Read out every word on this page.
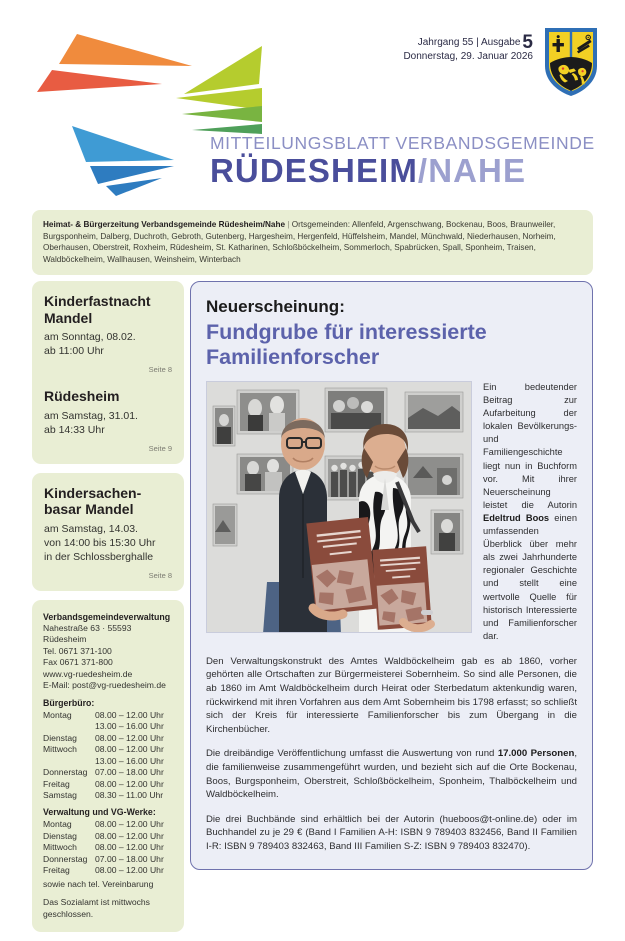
Jahrgang 55 | Ausgabe 5
Donnerstag, 29. Januar 2026
MITTEILUNGSBLATT VERBANDSGEMEINDE
RÜDESHEIM/NAHE
Heimat- & Bürgerzeitung Verbandsgemeinde Rüdesheim/Nahe | Ortsgemeinden: Allenfeld, Argenschwang, Bockenau, Boos, Braunweiler, Burgsponheim, Dalberg, Duchroth, Gebroth, Gutenberg, Hargesheim, Hergenfeld, Hüffelsheim, Mandel, Münchwald, Niederhausen, Norheim, Oberhausen, Oberstreit, Roxheim, Rüdesheim, St. Katharinen, Schloßböckelheim, Sommerloch, Spabrücken, Spall, Sponheim, Traisen, Waldböckelheim, Wallhausen, Weinsheim, Winterbach
Kinderfastnacht Mandel
am Sonntag, 08.02.
ab 11:00 Uhr
Seite 8
Rüdesheim
am Samstag, 31.01.
ab 14:33 Uhr
Seite 9
Kindersachen-
basar Mandel
am Samstag, 14.03.
von 14:00 bis 15:30 Uhr
in der Schlossberghalle
Seite 8
Verbandsgemeindeverwaltung
Nahestraße 63 · 55593 Rüdesheim
Tel. 0671 371-100
Fax 0671 371-800
www.vg-ruedesheim.de
E-Mail: post@vg-ruedesheim.de
Bürgerbüro:
Montag	08.00 – 12.00 Uhr
13.00 – 16.00 Uhr
Dienstag	08.00 – 12.00 Uhr
Mittwoch	08.00 – 12.00 Uhr
13.00 – 16.00 Uhr
Donnerstag 07.00 – 18.00 Uhr
Freitag	08.00 – 12.00 Uhr
Samstag	08.30 – 11.00 Uhr
Verwaltung und VG-Werke:
Montag	08.00 – 12.00 Uhr
Dienstag	08.00 – 12.00 Uhr
Mittwoch	08.00 – 12.00 Uhr
Donnerstag 07.00 – 18.00 Uhr
Freitag	08.00 – 12.00 Uhr
sowie nach tel. Vereinbarung
Das Sozialamt ist mittwochs geschlossen.
Neuerscheinung:
Fundgrube für interessierte
Familienforscher
Ein bedeutender Beitrag zur Aufarbeitung der lokalen Bevölkerungs- und Familiengeschichte liegt nun in Buchform vor. Mit ihrer Neuerscheinung leistet die Autorin Edeltrud Boos einen umfassenden Überblick über mehr als zwei Jahrhunderte regionaler Geschichte und stellt eine wertvolle Quelle für historisch Interessierte und Familienforscher dar.

Den Verwaltungskonstrukt des Amtes Waldböckelheim gab es ab 1860, vorher gehörten alle Ortschaften zur Bürgermeisterei Sobernheim. So sind alle Personen, die ab 1860 im Amt Waldböckelheim durch Heirat oder Sterbedatum aktenkundig waren, rückwirkend mit ihren Vorfahren aus dem Amt Sobernheim bis 1798 erfasst; so schließt sich der Kreis für interessierte Familienforscher bis zum Übergang in die Kirchenbücher.

Die dreibändige Veröffentlichung umfasst die Auswertung von rund 17.000 Personen, die familienweise zusammengeführt wurden, und bezieht sich auf die Orte Bockenau, Boos, Burgsponheim, Oberstreit, Schloßböckelheim, Sponheim, Thalböckelheim und Waldböckelheim.

Die drei Buchbände sind erhältlich bei der Autorin (hueboos@t-online.de) oder im Buchhandel zu je 29 € (Band I Familien A-H: ISBN 9 789403 832456, Band II Familien I-R: ISBN 9 789403 832463, Band III Familien S-Z: ISBN 9 789403 832470).
